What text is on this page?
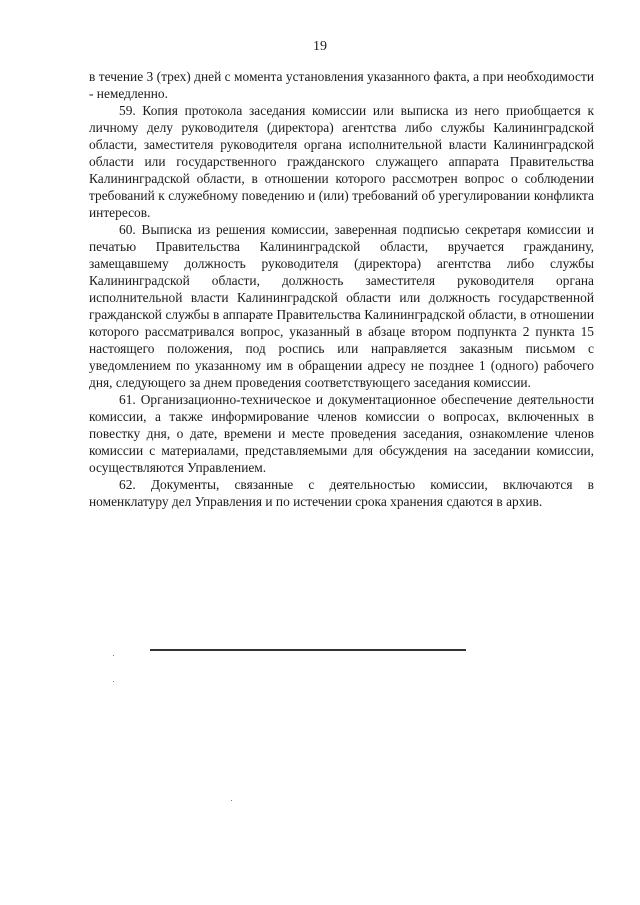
19

в течение 3 (трех) дней с момента установления указанного факта, а при необходимости - немедленно.

59. Копия протокола заседания комиссии или выписка из него приобщается к личному делу руководителя (директора) агентства либо службы Калининградской области, заместителя руководителя органа исполнительной власти Калининградской области или государственного гражданского служащего аппарата Правительства Калининградской области, в отношении которого рассмотрен вопрос о соблюдении требований к служебному поведению и (или) требований об урегулировании конфликта интересов.

60. Выписка из решения комиссии, заверенная подписью секретаря комиссии и печатью Правительства Калининградской области, вручается гражданину, замещавшему должность руководителя (директора) агентства либо службы Калининградской области, должность заместителя руководителя органа исполнительной власти Калининградской области или должность государственной гражданской службы в аппарате Правительства Калининградской области, в отношении которого рассматривался вопрос, указанный в абзаце втором подпункта 2 пункта 15 настоящего положения, под роспись или направляется заказным письмом с уведомлением по указанному им в обращении адресу не позднее 1 (одного) рабочего дня, следующего за днем проведения соответствующего заседания комиссии.

61. Организационно-техническое и документационное обеспечение деятельности комиссии, а также информирование членов комиссии о вопросах, включенных в повестку дня, о дате, времени и месте проведения заседания, ознакомление членов комиссии с материалами, представляемыми для обсуждения на заседании комиссии, осуществляются Управлением.

62. Документы, связанные с деятельностью комиссии, включаются в номенклатуру дел Управления и по истечении срока хранения сдаются в архив.
